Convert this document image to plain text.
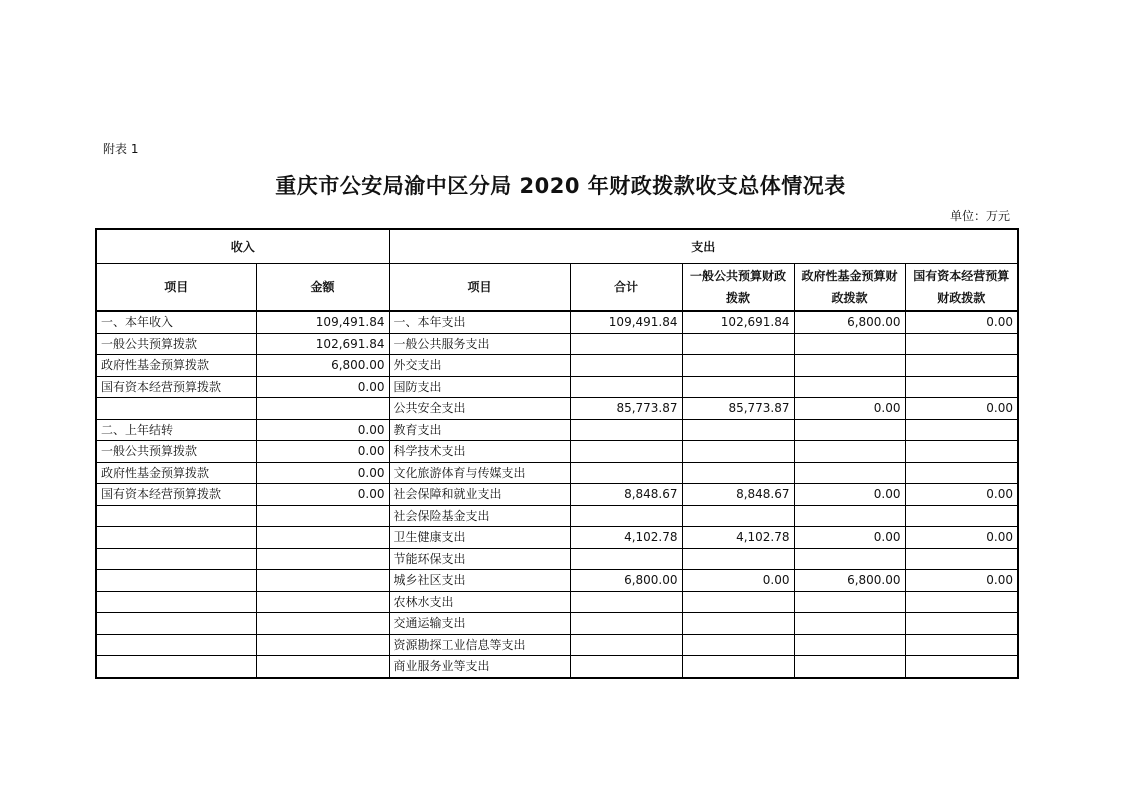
附表 1
重庆市公安局渝中区分局 2020 年财政拨款收支总体情况表
单位：万元
收入		支出				
项目	金额	项目	合计	一般公共预算财政拨款	政府性基金预算财政拨款	国有资本经营预算财政拨款
一、本年收入	109,491.84	一、本年支出	109,491.84	102,691.84	6,800.00	0.00
一般公共预算拨款	102,691.84	一般公共服务支出				
政府性基金预算拨款	6,800.00	外交支出				
国有资本经营预算拨款	0.00	国防支出				
		公共安全支出	85,773.87	85,773.87	0.00	0.00
二、上年结转	0.00	教育支出				
一般公共预算拨款	0.00	科学技术支出				
政府性基金预算拨款	0.00	文化旅游体育与传媒支出				
国有资本经营预算拨款	0.00	社会保障和就业支出	8,848.67	8,848.67	0.00	0.00
		社会保险基金支出				
		卫生健康支出	4,102.78	4,102.78	0.00	0.00
		节能环保支出				
		城乡社区支出	6,800.00	0.00	6,800.00	0.00
		农林水支出				
		交通运输支出				
		资源勘探工业信息等支出				
		商业服务业等支出				
